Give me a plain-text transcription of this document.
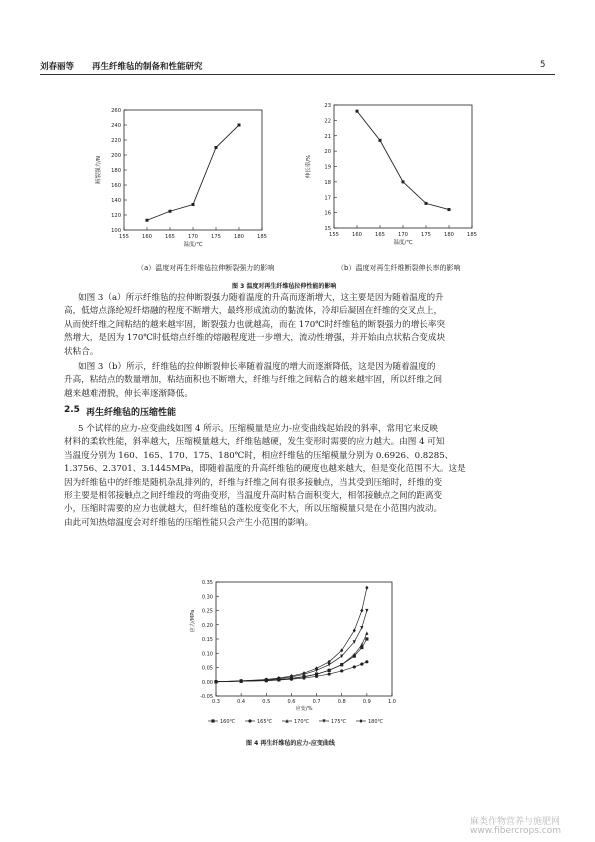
刘春丽等 再生纤维毡的制备和性能研究	5
100
120
140
160
180
200
220
240
260
155	160	165	170	175	180	185
温度/℃
断裂强力/N
15
16
17
18
19
20
21
22
23
155	160	165	170	175	180	185
温度/℃
伸长率/%
（a）温度对再生纤维毡拉伸断裂强力的影响	（b）温度对再生纤维断裂伸长率的影响
图 3 温度对再生纤维毡拉伸性能的影响
如图 3（a）所示纤维毡的拉伸断裂强力随着温度的升高而逐渐增大，这主要是因为随着温度的升
高，低熔点涤纶短纤熔融的程度不断增大，最终形成流动的黏流体，冷却后凝固在纤维的交叉点上，
从而使纤维之间粘结的越来越牢固，断裂强力也就越高，而在 170℃时纤维毡的断裂强力的增长率突
然增大，是因为 170℃时低熔点纤维的熔融程度进一步增大，流动性增强，并开始由点状粘合变成块
状粘合。
如图 3（b）所示，纤维毡的拉伸断裂伸长率随着温度的增大而逐渐降低，这是因为随着温度的
升高，粘结点的数量增加，粘结面积也不断增大，纤维与纤维之间粘合的越来越牢固，所以纤维之间
越来越难滑脱，伸长率逐渐降低。
2.5 再生纤维毡的压缩性能
5 个试样的应力-应变曲线如图 4 所示。压缩模量是应力-应变曲线起始段的斜率，常用它来反映
材料的柔软性能，斜率越大，压缩模量越大，纤维毡越硬，发生变形时需要的应力越大。由图 4 可知
当温度分别为 160、165、170、175、180℃时，相应纤维毡的压缩模量分别为 0.6926、0.8285、
1.3756、2.3701、3.1445MPa，即随着温度的升高纤维毡的硬度也越来越大，但是变化范围不大。这是
因为纤维毡中的纤维是随机杂乱排列的，纤维与纤维之间有很多接触点，当其受到压缩时，纤维的变
形主要是相邻接触点之间纤维段的弯曲变形，当温度升高时粘合面积变大，相邻接触点之间的距离变
小，压缩时需要的应力也就越大，但纤维毡的蓬松度变化不大，所以压缩模量只是在小范围内波动。
由此可知热熔温度会对纤维毡的压缩性能只会产生小范围的影响。
-0.05
0.00
0.05
0.10
0.15
0.20
0.25
0.30
0.35
0.3	0.4	0.5	0.6	0.7	0.8	0.9	1.0
应变/%
应力/MPa
160℃	165℃	170℃	175℃	180℃
图 4 再生纤维毡的应力-应变曲线
麻类作物营养与施肥网
www.fibercrops.com
